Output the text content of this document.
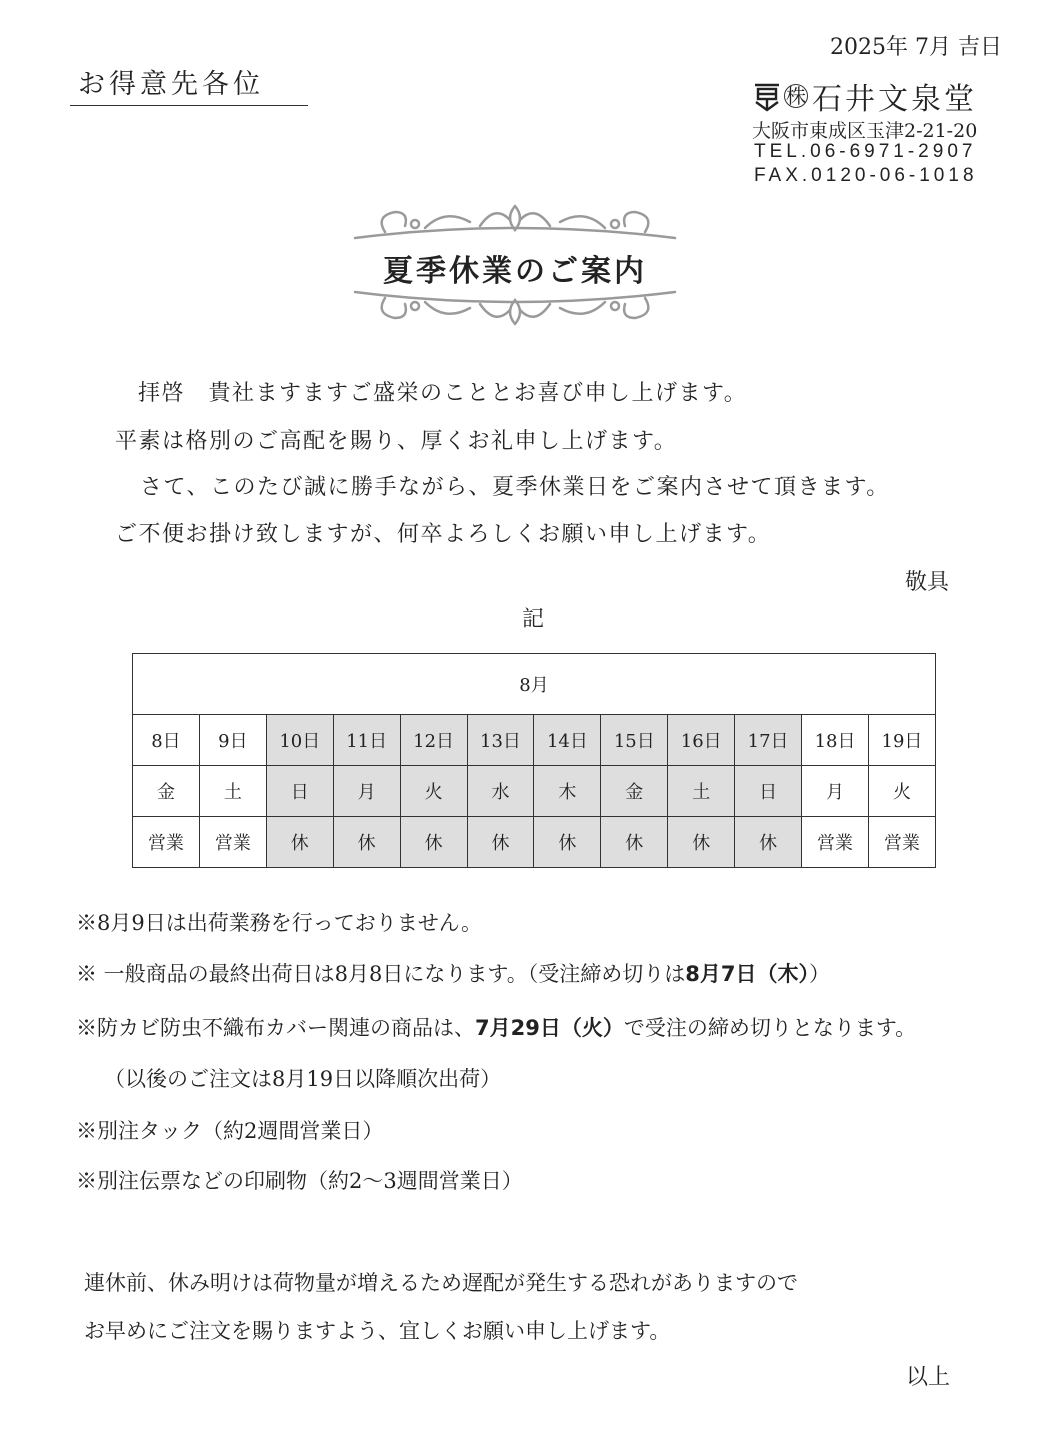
2025年 7月 吉日
お得意先各位	株 石井文泉堂
大阪市東成区玉津2-21-20
TEL.06-6971-2907
FAX.0120-06-1018
夏季休業のご案内
拝啓　貴社ますますご盛栄のこととお喜び申し上げます。
平素は格別のご高配を賜り、厚くお礼申し上げます。
さて、このたび誠に勝手ながら、夏季休業日をご案内させて頂きます。
ご不便お掛け致しますが、何卒よろしくお願い申し上げます。
敬具
記
8月											
8日	9日	10日	11日	12日	13日	14日	15日	16日	17日	18日	19日
金	土	日	月	火	水	木	金	土	日	月	火
営業	営業	休	休	休	休	休	休	休	休	営業	営業
※8月9日は出荷業務を行っておりません。
※ 一般商品の最終出荷日は8月8日になります。（受注締め切りは8月7日（木））
※防カビ防虫不織布カバー関連の商品は、7月29日（火）で受注の締め切りとなります。
（以後のご注文は8月19日以降順次出荷）
※別注タック（約2週間営業日）
※別注伝票などの印刷物（約2～3週間営業日）
連休前、休み明けは荷物量が増えるため遅配が発生する恐れがありますので
お早めにご注文を賜りますよう、宜しくお願い申し上げます。
以上
